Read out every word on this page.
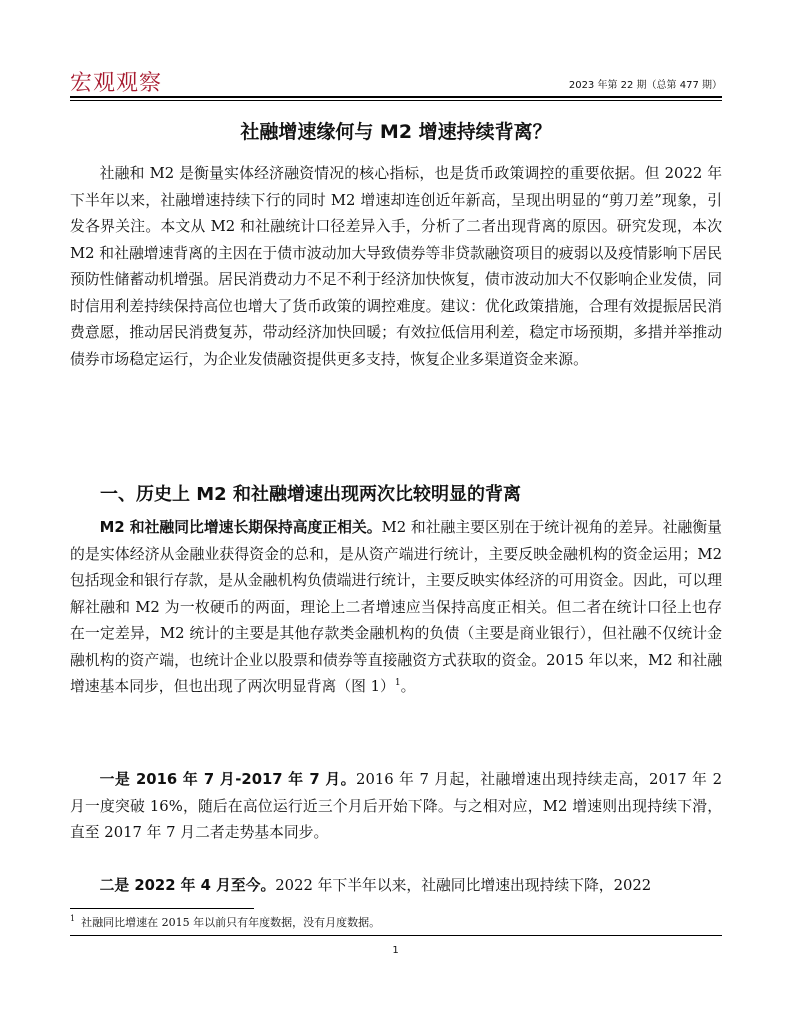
宏观观察	2023 年第 22 期（总第 477 期）
社融增速缘何与 M2 增速持续背离？

社融和 M2 是衡量实体经济融资情况的核心指标，也是货币政策调控的重要依据。但 2022 年下半年以来，社融增速持续下行的同时 M2 增速却连创近年新高，呈现出明显的“剪刀差”现象，引发各界关注。本文从 M2 和社融统计口径差异入手，分析了二者出现背离的原因。研究发现，本次 M2 和社融增速背离的主因在于债市波动加大导致债券等非贷款融资项目的疲弱以及疫情影响下居民预防性储蓄动机增强。居民消费动力不足不利于经济加快恢复，债市波动加大不仅影响企业发债，同时信用利差持续保持高位也增大了货币政策的调控难度。建议：优化政策措施，合理有效提振居民消费意愿，推动居民消费复苏，带动经济加快回暖；有效拉低信用利差，稳定市场预期，多措并举推动债券市场稳定运行，为企业发债融资提供更多支持，恢复企业多渠道资金来源。

一、历史上 M2 和社融增速出现两次比较明显的背离

M2 和社融同比增速长期保持高度正相关。M2 和社融主要区别在于统计视角的差异。社融衡量的是实体经济从金融业获得资金的总和，是从资产端进行统计，主要反映金融机构的资金运用；M2 包括现金和银行存款，是从金融机构负债端进行统计，主要反映实体经济的可用资金。因此，可以理解社融和 M2 为一枚硬币的两面，理论上二者增速应当保持高度正相关。但二者在统计口径上也存在一定差异，M2 统计的主要是其他存款类金融机构的负债（主要是商业银行），但社融不仅统计金融机构的资产端，也统计企业以股票和债券等直接融资方式获取的资金。2015 年以来，M2 和社融增速基本同步，但也出现了两次明显背离（图 1）$^1$。

一是 2016 年 7 月-2017 年 7 月。2016 年 7 月起，社融增速出现持续走高，2017 年 2 月一度突破 16%，随后在高位运行近三个月后开始下降。与之相对应，M2 增速则出现持续下滑，直至 2017 年 7 月二者走势基本同步。

二是 2022 年 4 月至今。2022 年下半年以来，社融同比增速出现持续下降，2022

$^1$ 社融同比增速在 2015 年以前只有年度数据，没有月度数据。
1
